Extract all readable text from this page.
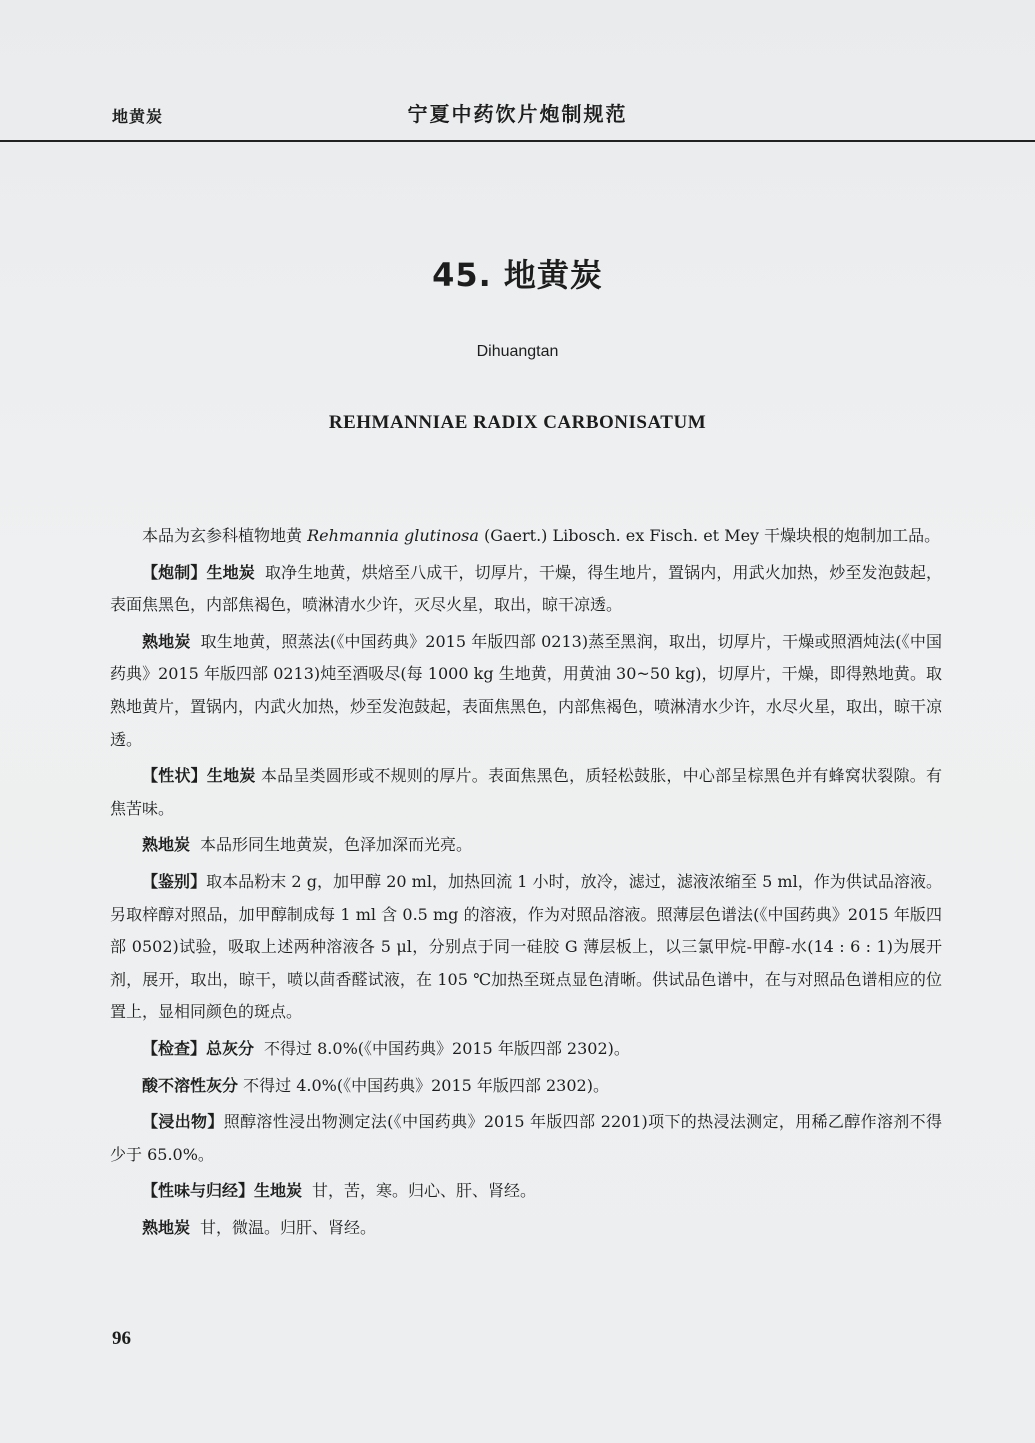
地黄炭	宁夏中药饮片炮制规范
45. 地黄炭
Dihuangtan
REHMANNIAE RADIX CARBONISATUM

本品为玄参科植物地黄 Rehmannia glutinosa (Gaert.) Libosch. ex Fisch. et Mey 干燥块根的炮制加工品。

【炮制】生地炭 取净生地黄，烘焙至八成干，切厚片，干燥，得生地片，置锅内，用武火加热，炒至发泡鼓起，表面焦黑色，内部焦褐色，喷淋清水少许，灭尽火星，取出，晾干凉透。

熟地炭 取生地黄，照蒸法(《中国药典》2015 年版四部 0213)蒸至黑润，取出，切厚片，干燥或照酒炖法(《中国药典》2015 年版四部 0213)炖至酒吸尽(每 1000 kg 生地黄，用黄油 30~50 kg)，切厚片，干燥，即得熟地黄。取熟地黄片，置锅内，内武火加热，炒至发泡鼓起，表面焦黑色，内部焦褐色，喷淋清水少许，水尽火星，取出，晾干凉透。

【性状】生地炭 本品呈类圆形或不规则的厚片。表面焦黑色，质轻松鼓胀，中心部呈棕黑色并有蜂窝状裂隙。有焦苦味。

熟地炭 本品形同生地黄炭，色泽加深而光亮。

【鉴别】取本品粉末 2 g，加甲醇 20 ml，加热回流 1 小时，放冷，滤过，滤液浓缩至 5 ml，作为供试品溶液。另取梓醇对照品，加甲醇制成每 1 ml 含 0.5 mg 的溶液，作为对照品溶液。照薄层色谱法(《中国药典》2015 年版四部 0502)试验，吸取上述两种溶液各 5 μl，分别点于同一硅胶 G 薄层板上，以三氯甲烷-甲醇-水(14 : 6 : 1)为展开剂，展开，取出，晾干，喷以茴香醛试液，在 105 ℃加热至斑点显色清晰。供试品色谱中，在与对照品色谱相应的位置上，显相同颜色的斑点。

【检查】总灰分 不得过 8.0%(《中国药典》2015 年版四部 2302)。

酸不溶性灰分 不得过 4.0%(《中国药典》2015 年版四部 2302)。

【浸出物】照醇溶性浸出物测定法(《中国药典》2015 年版四部 2201)项下的热浸法测定，用稀乙醇作溶剂不得少于 65.0%。

【性味与归经】生地炭 甘，苦，寒。归心、肝、肾经。

熟地炭 甘，微温。归肝、肾经。

96
